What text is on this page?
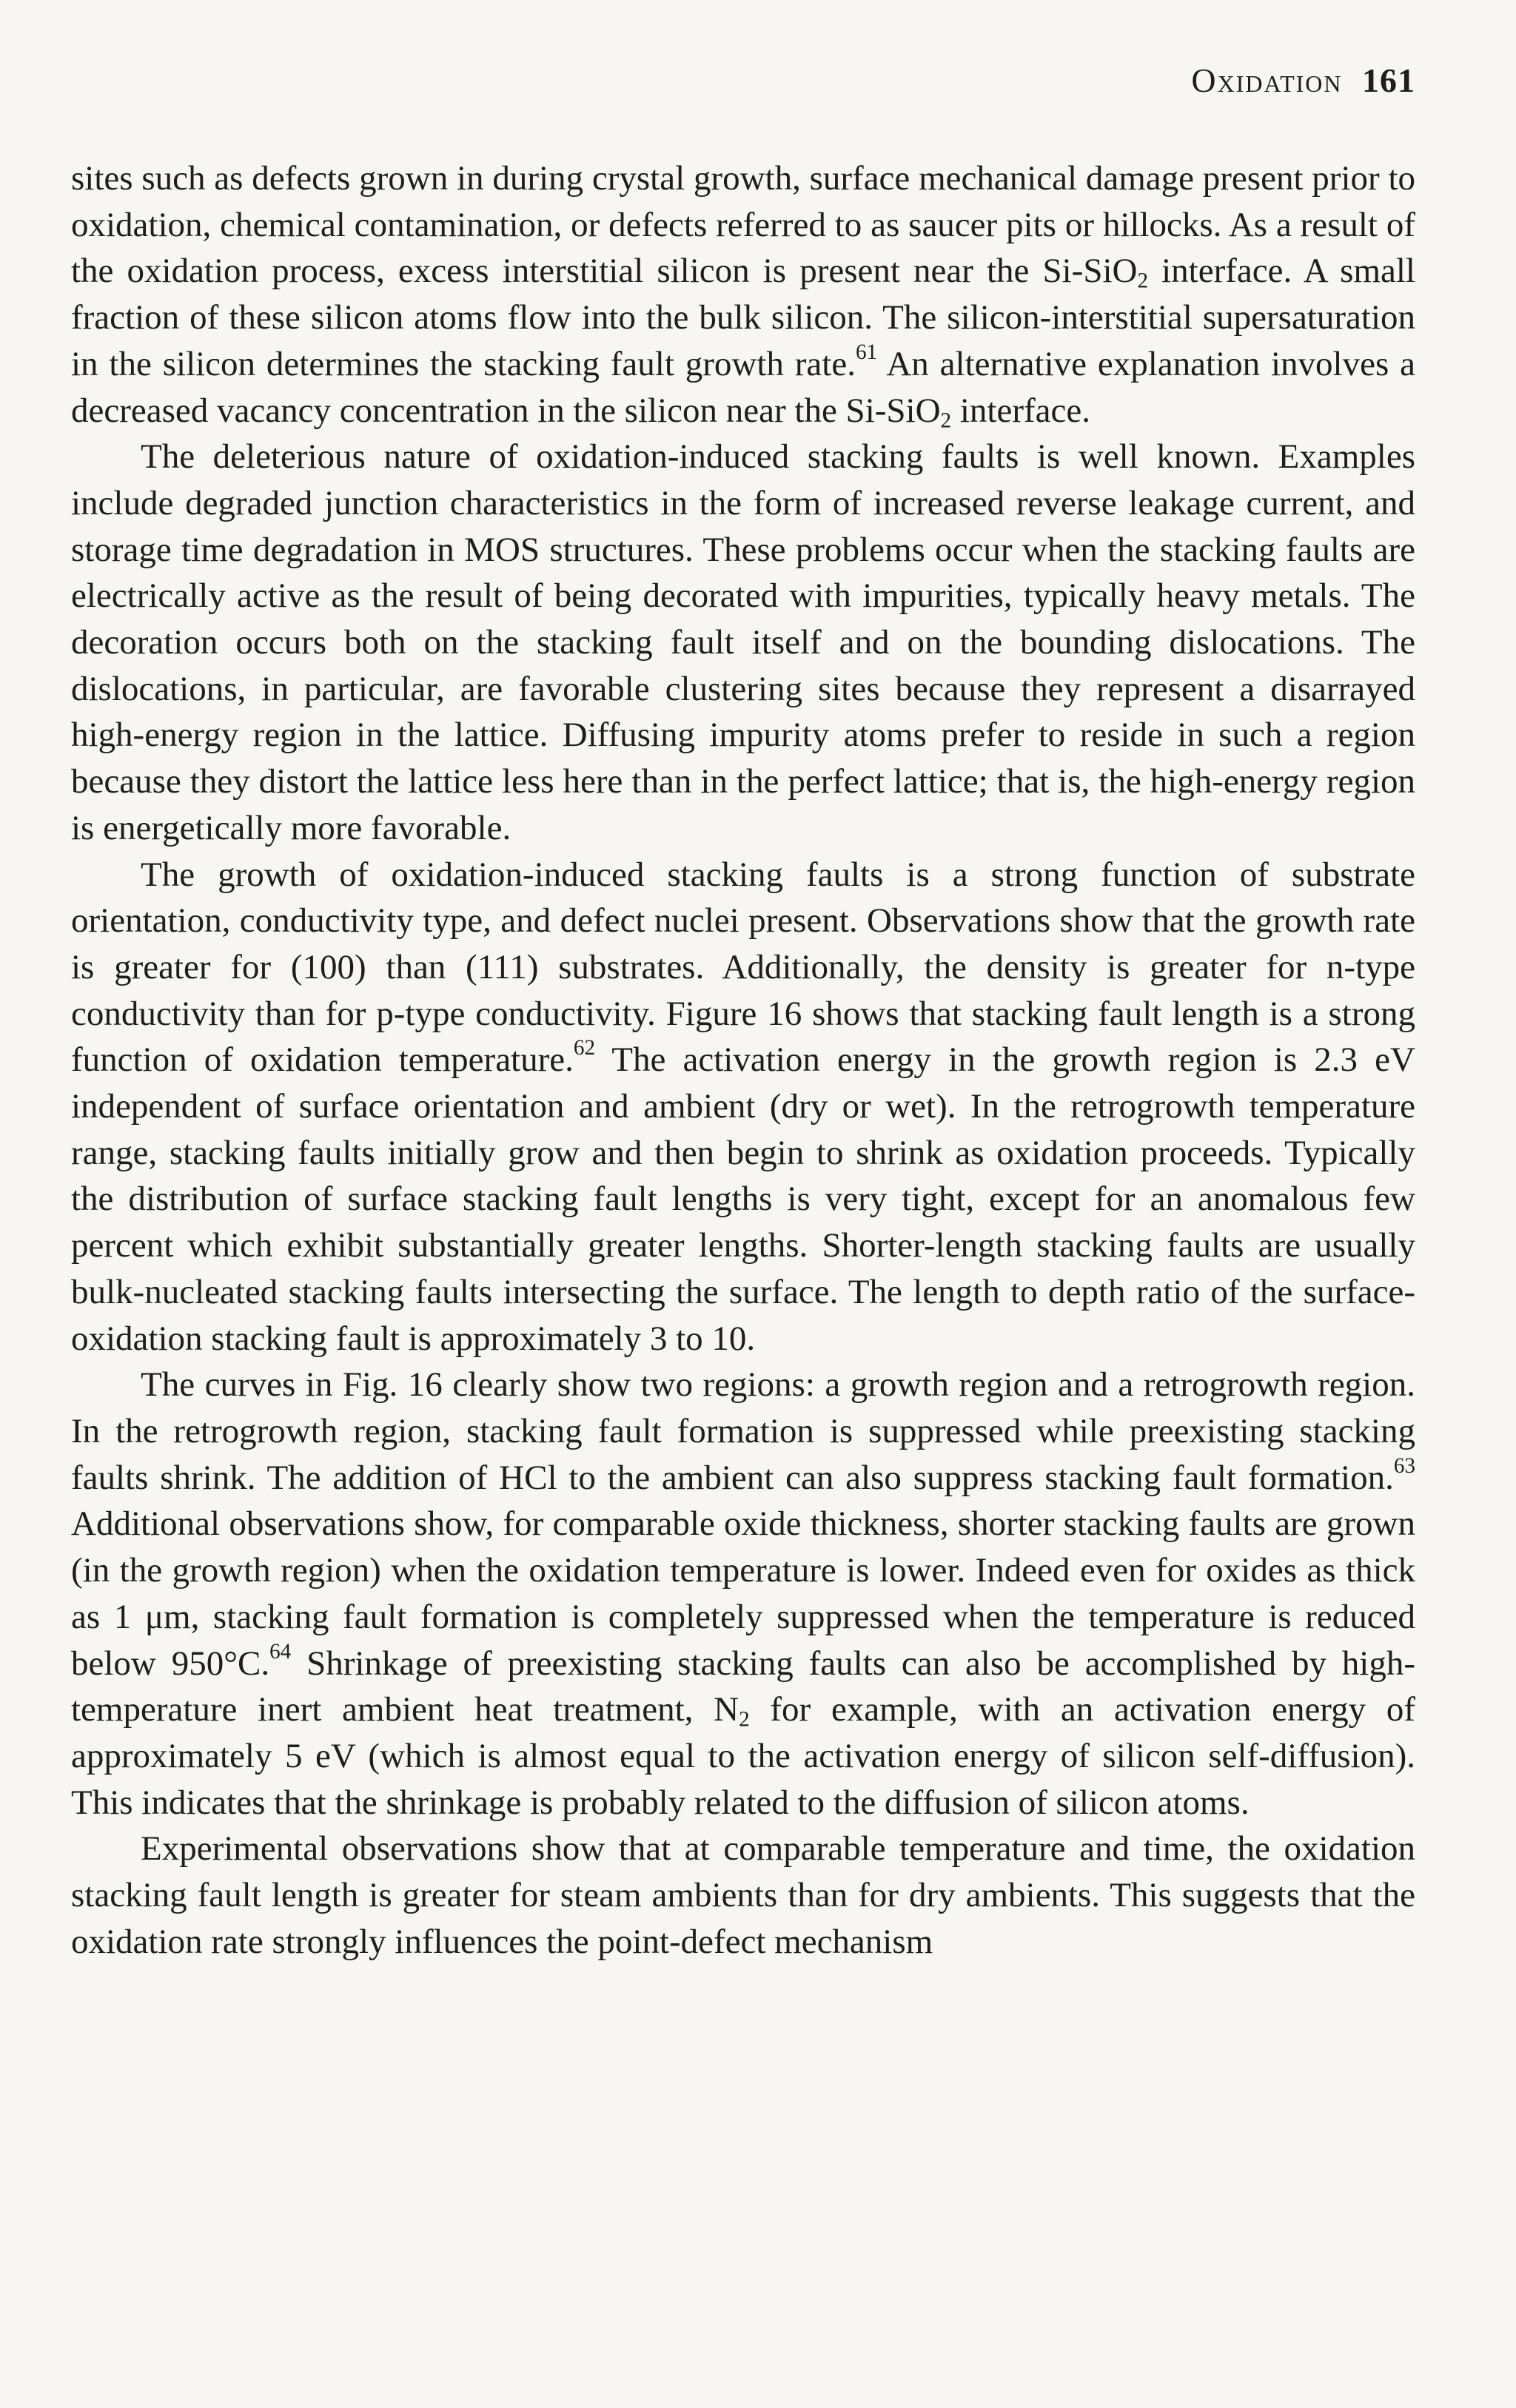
Oxidation 161

sites such as defects grown in during crystal growth, surface mechanical damage present prior to oxidation, chemical contamination, or defects referred to as saucer pits or hillocks. As a result of the oxidation process, excess interstitial silicon is present near the Si-SiO$_2$ interface. A small fraction of these silicon atoms flow into the bulk silicon. The silicon-interstitial supersaturation in the silicon determines the stacking fault growth rate.$^{61}$ An alternative explanation involves a decreased vacancy concentration in the silicon near the Si-SiO$_2$ interface.

The deleterious nature of oxidation-induced stacking faults is well known. Examples include degraded junction characteristics in the form of increased reverse leakage current, and storage time degradation in MOS structures. These problems occur when the stacking faults are electrically active as the result of being decorated with impurities, typically heavy metals. The decoration occurs both on the stacking fault itself and on the bounding dislocations. The dislocations, in particular, are favorable clustering sites because they represent a disarrayed high-energy region in the lattice. Diffusing impurity atoms prefer to reside in such a region because they distort the lattice less here than in the perfect lattice; that is, the high-energy region is energetically more favorable.

The growth of oxidation-induced stacking faults is a strong function of substrate orientation, conductivity type, and defect nuclei present. Observations show that the growth rate is greater for (100) than (111) substrates. Additionally, the density is greater for n-type conductivity than for p-type conductivity. Figure 16 shows that stacking fault length is a strong function of oxidation temperature.$^{62}$ The activation energy in the growth region is 2.3 eV independent of surface orientation and ambient (dry or wet). In the retrogrowth temperature range, stacking faults initially grow and then begin to shrink as oxidation proceeds. Typically the distribution of surface stacking fault lengths is very tight, except for an anomalous few percent which exhibit substantially greater lengths. Shorter-length stacking faults are usually bulk-nucleated stacking faults intersecting the surface. The length to depth ratio of the surface-oxidation stacking fault is approximately 3 to 10.

The curves in Fig. 16 clearly show two regions: a growth region and a retrogrowth region. In the retrogrowth region, stacking fault formation is suppressed while preexisting stacking faults shrink. The addition of HCl to the ambient can also suppress stacking fault formation.$^{63}$ Additional observations show, for comparable oxide thickness, shorter stacking faults are grown (in the growth region) when the oxidation temperature is lower. Indeed even for oxides as thick as 1 μm, stacking fault formation is completely suppressed when the temperature is reduced below 950°C.$^{64}$ Shrinkage of preexisting stacking faults can also be accomplished by high-temperature inert ambient heat treatment, $N_2$ for example, with an activation energy of approximately 5 eV (which is almost equal to the activation energy of silicon self-diffusion). This indicates that the shrinkage is probably related to the diffusion of silicon atoms.

Experimental observations show that at comparable temperature and time, the oxidation stacking fault length is greater for steam ambients than for dry ambients. This suggests that the oxidation rate strongly influences the point-defect mechanism
